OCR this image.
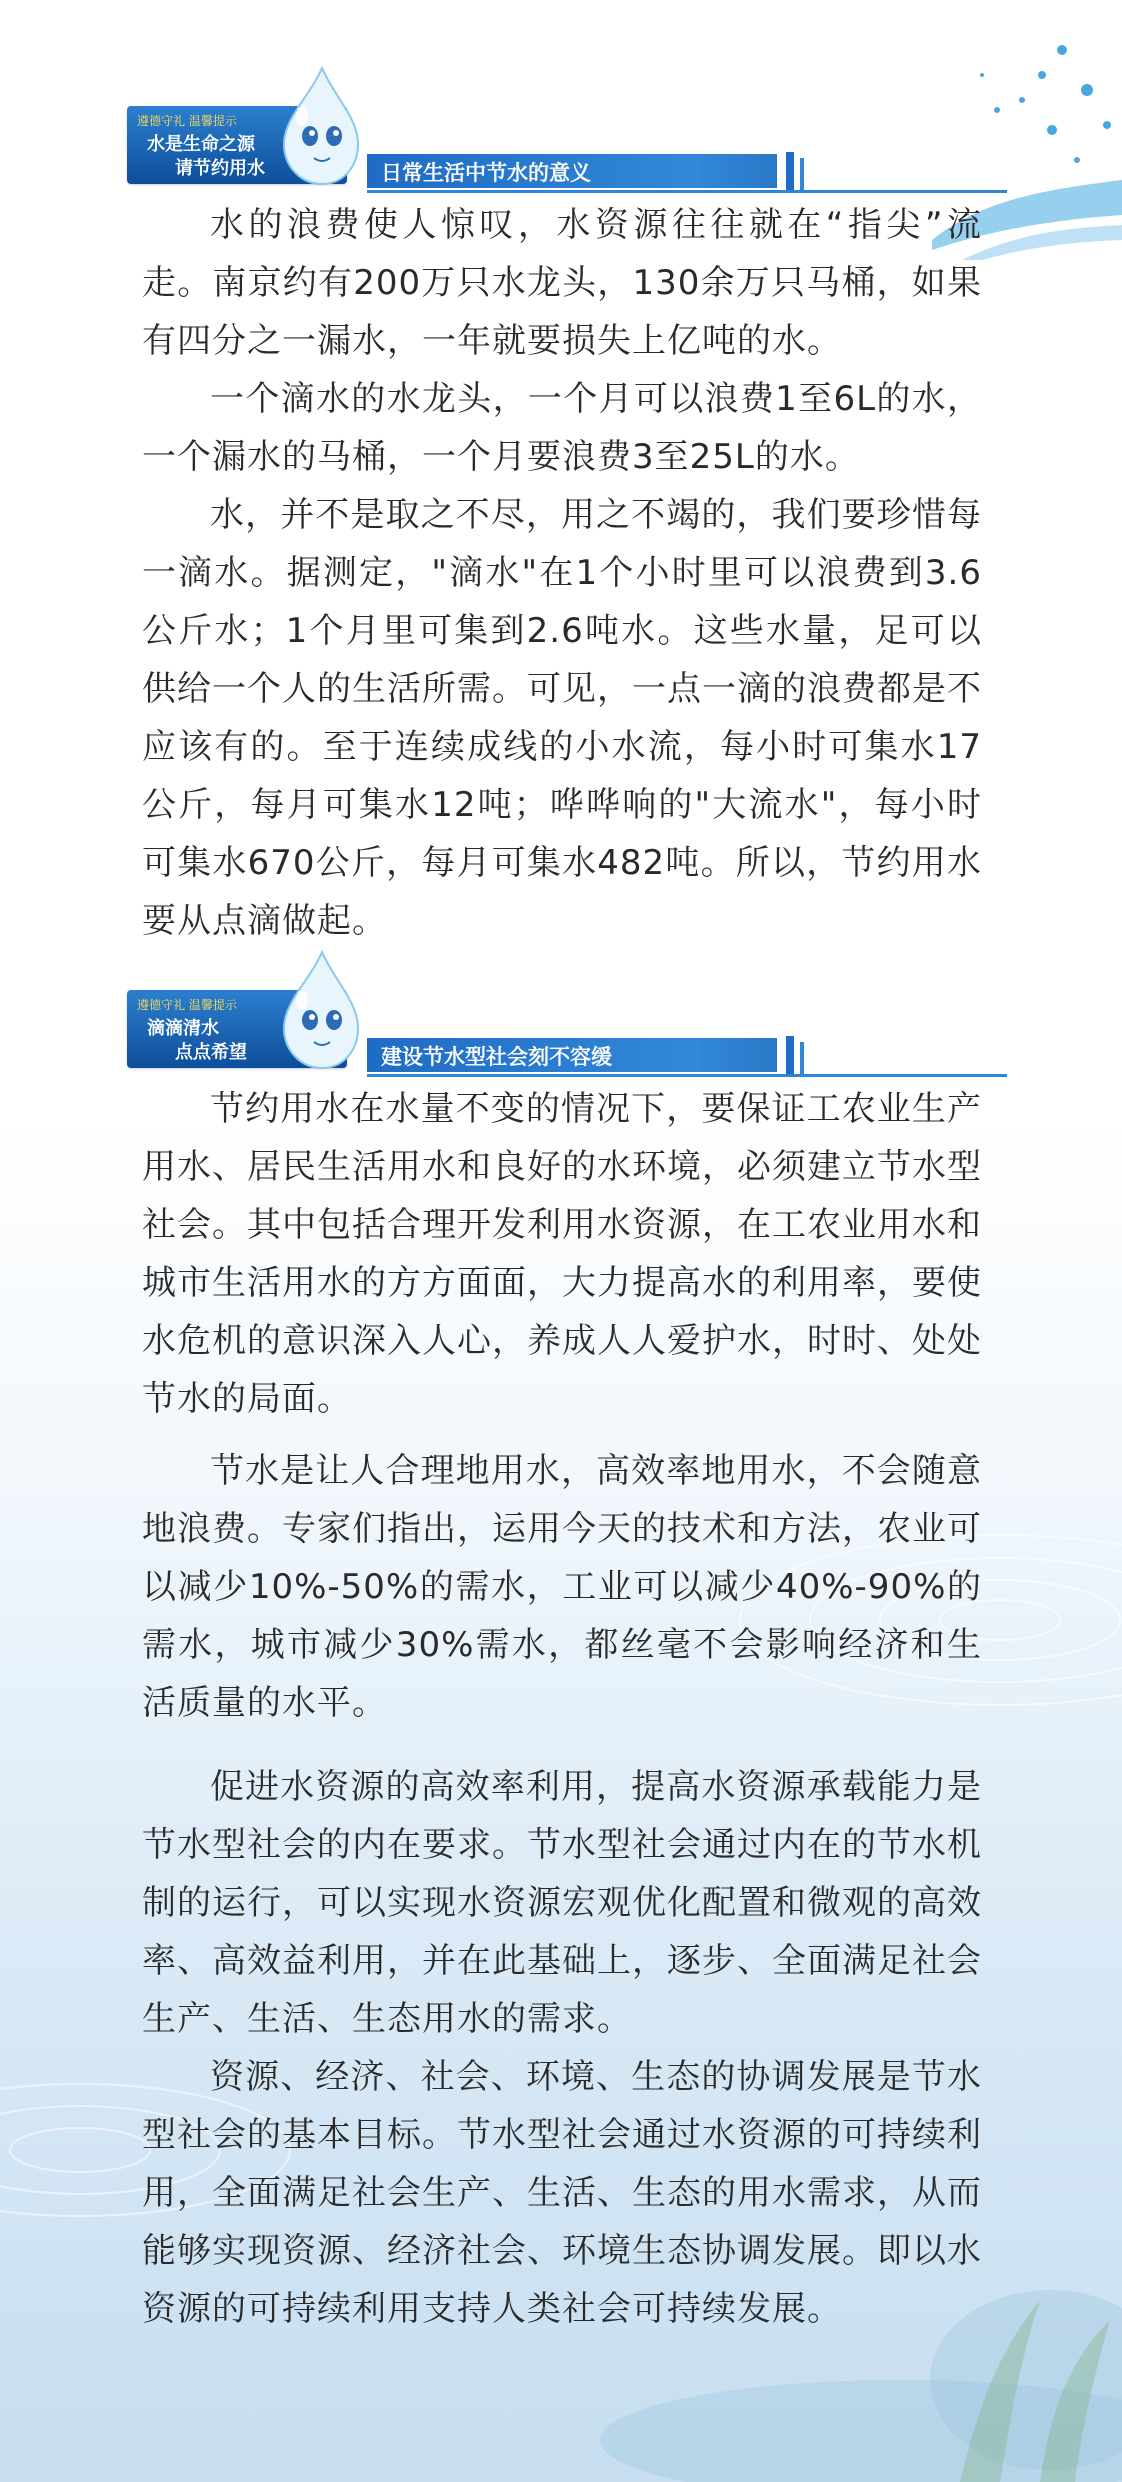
遵德守礼 温馨提示
水是生命之源
请节约用水	日常生活中节水的意义

水的浪费使人惊叹，水资源往往就在“指尖”流走。南京约有200万只水龙头，130余万只马桶，如果有四分之一漏水，一年就要损失上亿吨的水。

一个滴水的水龙头，一个月可以浪费1至6L的水，一个漏水的马桶，一个月要浪费3至25L的水。

水，并不是取之不尽，用之不竭的，我们要珍惜每一滴水。据测定，"滴水"在1个小时里可以浪费到3.6公斤水；1个月里可集到2.6吨水。这些水量，足可以供给一个人的生活所需。可见，一点一滴的浪费都是不应该有的。至于连续成线的小水流，每小时可集水17公斤，每月可集水12吨；哗哗响的"大流水"，每小时可集水670公斤，每月可集水482吨。所以，节约用水要从点滴做起。

遵德守礼 温馨提示
滴滴清水
点点希望	建设节水型社会刻不容缓

节约用水在水量不变的情况下，要保证工农业生产用水、居民生活用水和良好的水环境，必须建立节水型社会。其中包括合理开发利用水资源，在工农业用水和城市生活用水的方方面面，大力提高水的利用率，要使水危机的意识深入人心，养成人人爱护水，时时、处处节水的局面。

节水是让人合理地用水，高效率地用水，不会随意地浪费。专家们指出，运用今天的技术和方法，农业可以减少10%-50%的需水，工业可以减少40%-90%的需水，城市减少30%需水，都丝毫不会影响经济和生活质量的水平。

促进水资源的高效率利用，提高水资源承载能力是节水型社会的内在要求。节水型社会通过内在的节水机制的运行，可以实现水资源宏观优化配置和微观的高效率、高效益利用，并在此基础上，逐步、全面满足社会生产、生活、生态用水的需求。

资源、经济、社会、环境、生态的协调发展是节水型社会的基本目标。节水型社会通过水资源的可持续利用，全面满足社会生产、生活、生态的用水需求，从而能够实现资源、经济社会、环境生态协调发展。即以水资源的可持续利用支持人类社会可持续发展。
